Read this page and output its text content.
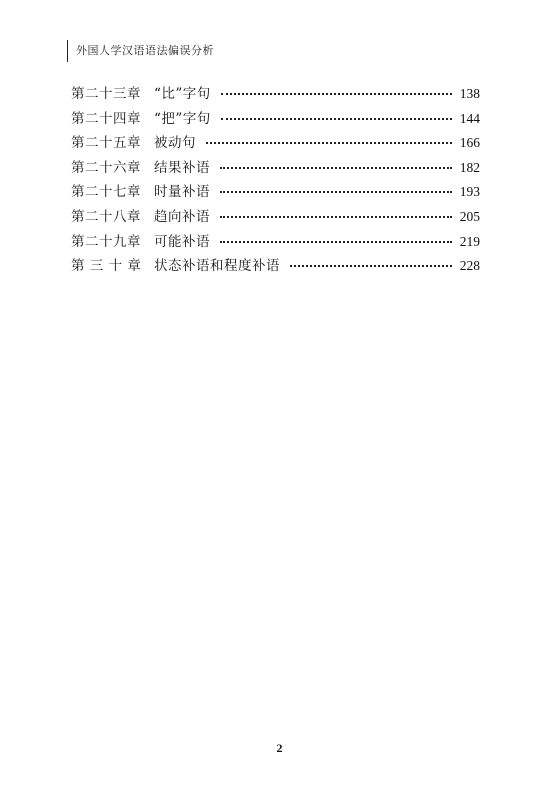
外国人学汉语语法偏误分析
第二十三章 “比”字句	138
第二十四章 “把”字句	144
第二十五章 被动句	166
第二十六章 结果补语	182
第二十七章 时量补语	193
第二十八章 趋向补语	205
第二十九章 可能补语	219
第 三 十 章 状态补语和程度补语	228
2
